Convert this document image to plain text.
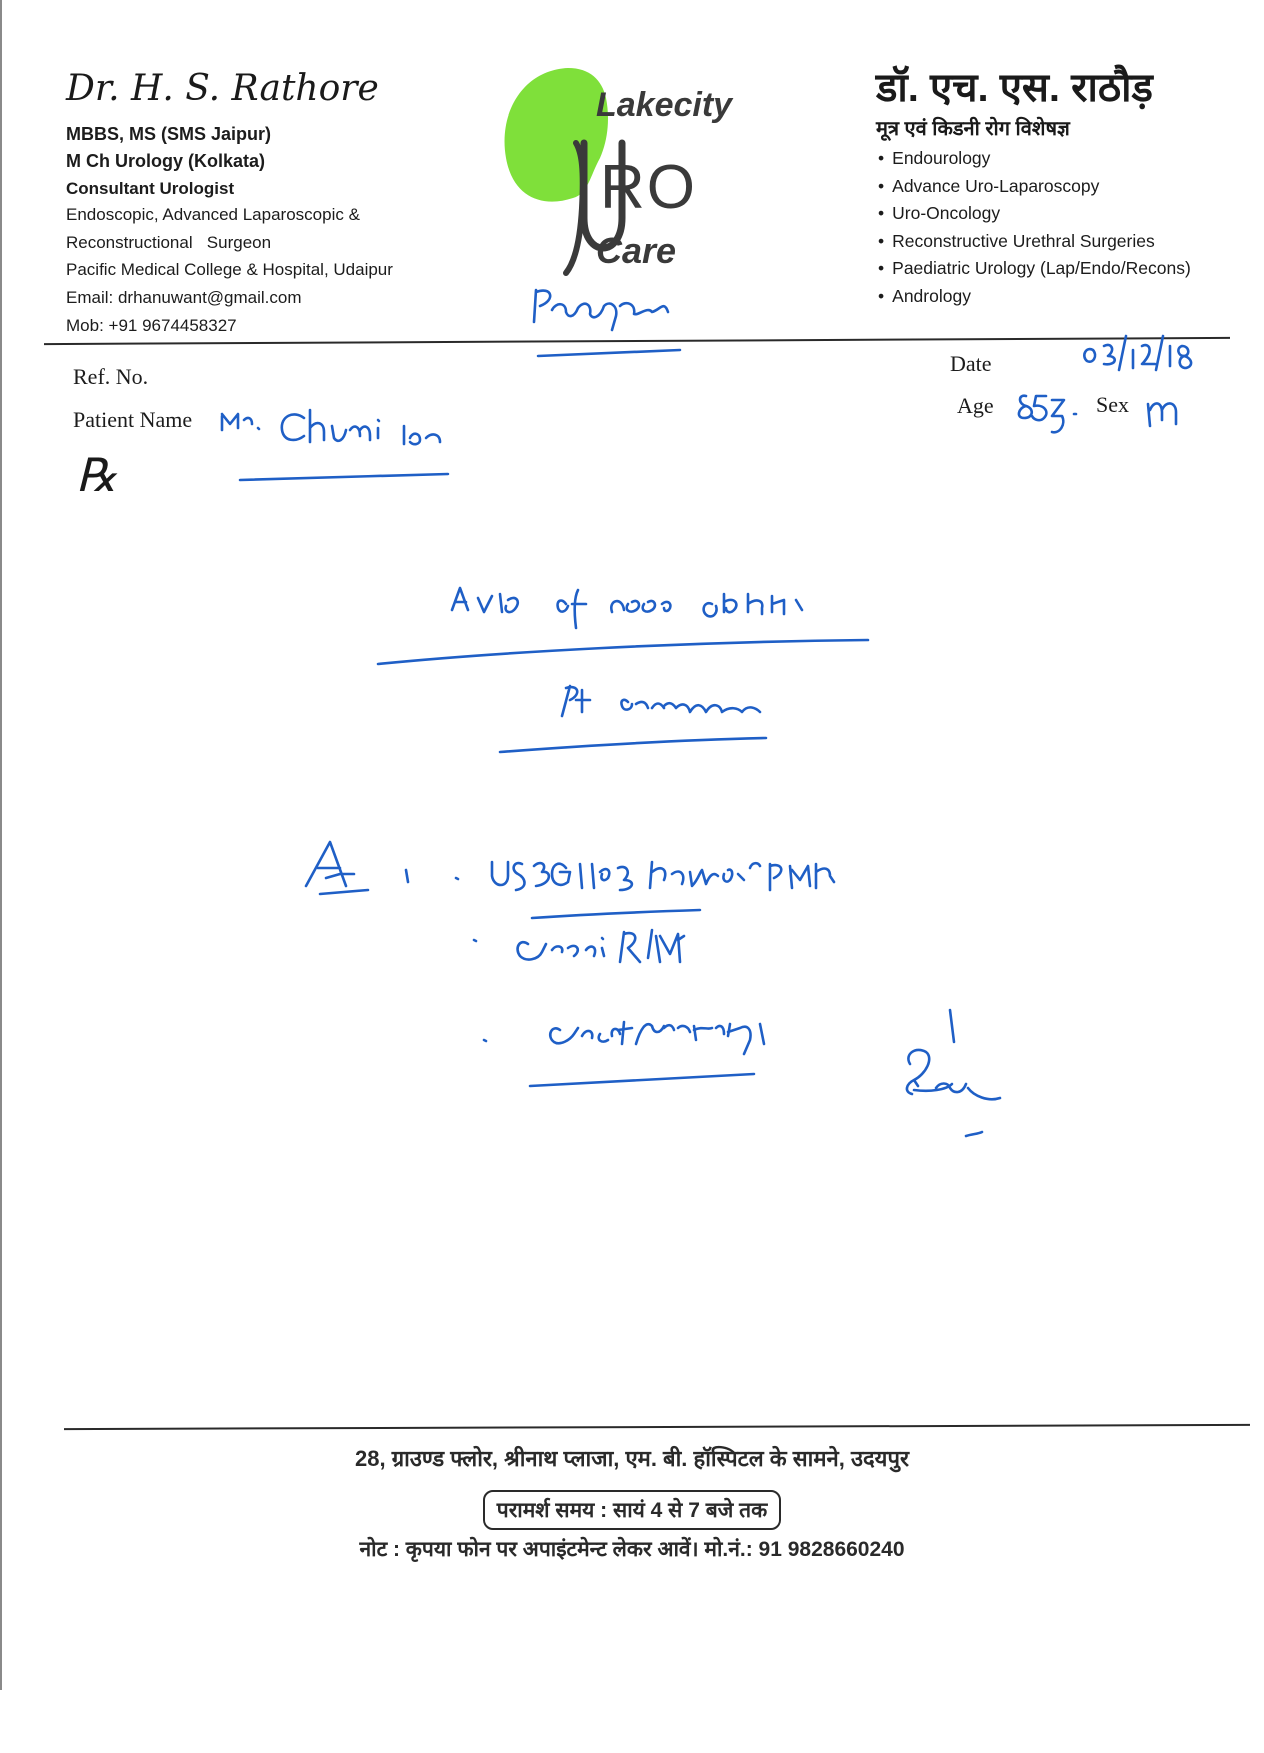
Dr. H. S. Rathore
MBBS, MS (SMS Jaipur)
M Ch Urology (Kolkata)
Consultant Urologist
Endoscopic, Advanced Laparoscopic &
Reconstructional   Surgeon
Pacific Medical College & Hospital, Udaipur
Email: drhanuwant@gmail.com
Mob: +91 9674458327
Lakecity
RO
Care
डॉ. एच. एस. राठौड़
मूत्र एवं किडनी रोग विशेषज्ञ
• Endourology
• Advance Uro-Laparoscopy
• Uro-Oncology
• Reconstructive Urethral Surgeries
• Paediatric Urology (Lap/Endo/Recons)
• Andrology
Ref. No.
Patient Name
Date
Age	Sex
℞
28, ग्राउण्ड फ्लोर, श्रीनाथ प्लाजा, एम. बी. हॉस्पिटल के सामने, उदयपुर
परामर्श समय : सायं 4 से 7 बजे तक
नोट : कृपया फोन पर अपाइंटमेन्ट लेकर आवें। मो.नं.: 91 9828660240
